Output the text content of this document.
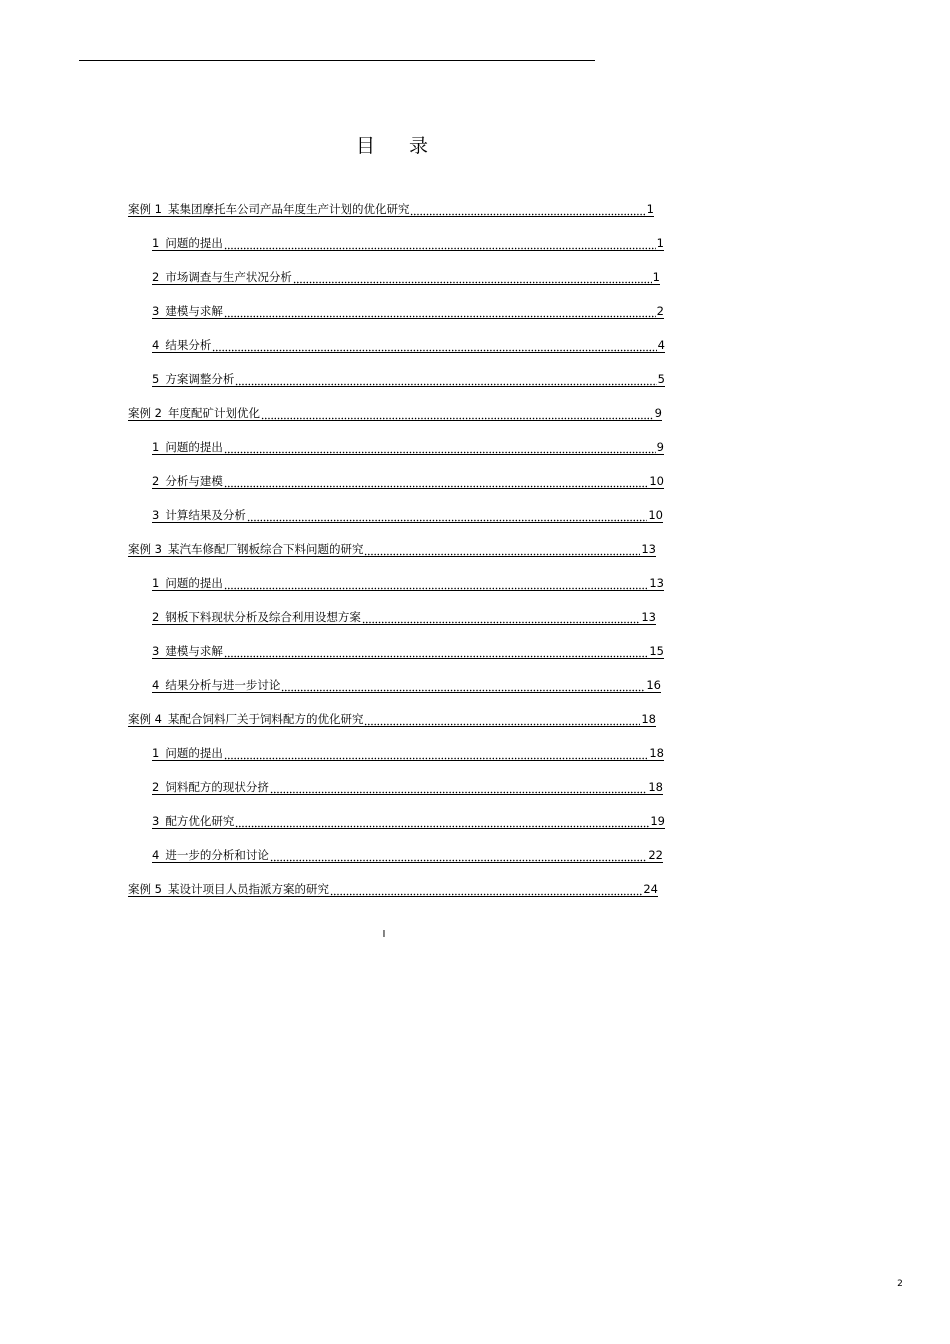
目 录
案例 1 某集团摩托车公司产品年度生产计划的优化研究	1
1 问题的提出	1
2 市场调查与生产状况分析	1
3 建模与求解	2
4 结果分析	4
5 方案调整分析	5
案例 2 年度配矿计划优化	9
1 问题的提出	9
2 分析与建模	10
3 计算结果及分析	10
案例 3 某汽车修配厂钢板综合下料问题的研究	13
1 问题的提出	13
2 钢板下料现状分析及综合利用设想方案	13
3 建模与求解	15
4 结果分析与进一步讨论	16
案例 4 某配合饲料厂关于饲料配方的优化研究	18
1 问题的提出	18
2 饲料配方的现状分挤	18
3 配方优化研究	19
4 进一步的分析和讨论	22
案例 5 某设计项目人员指派方案的研究	24
I
2
